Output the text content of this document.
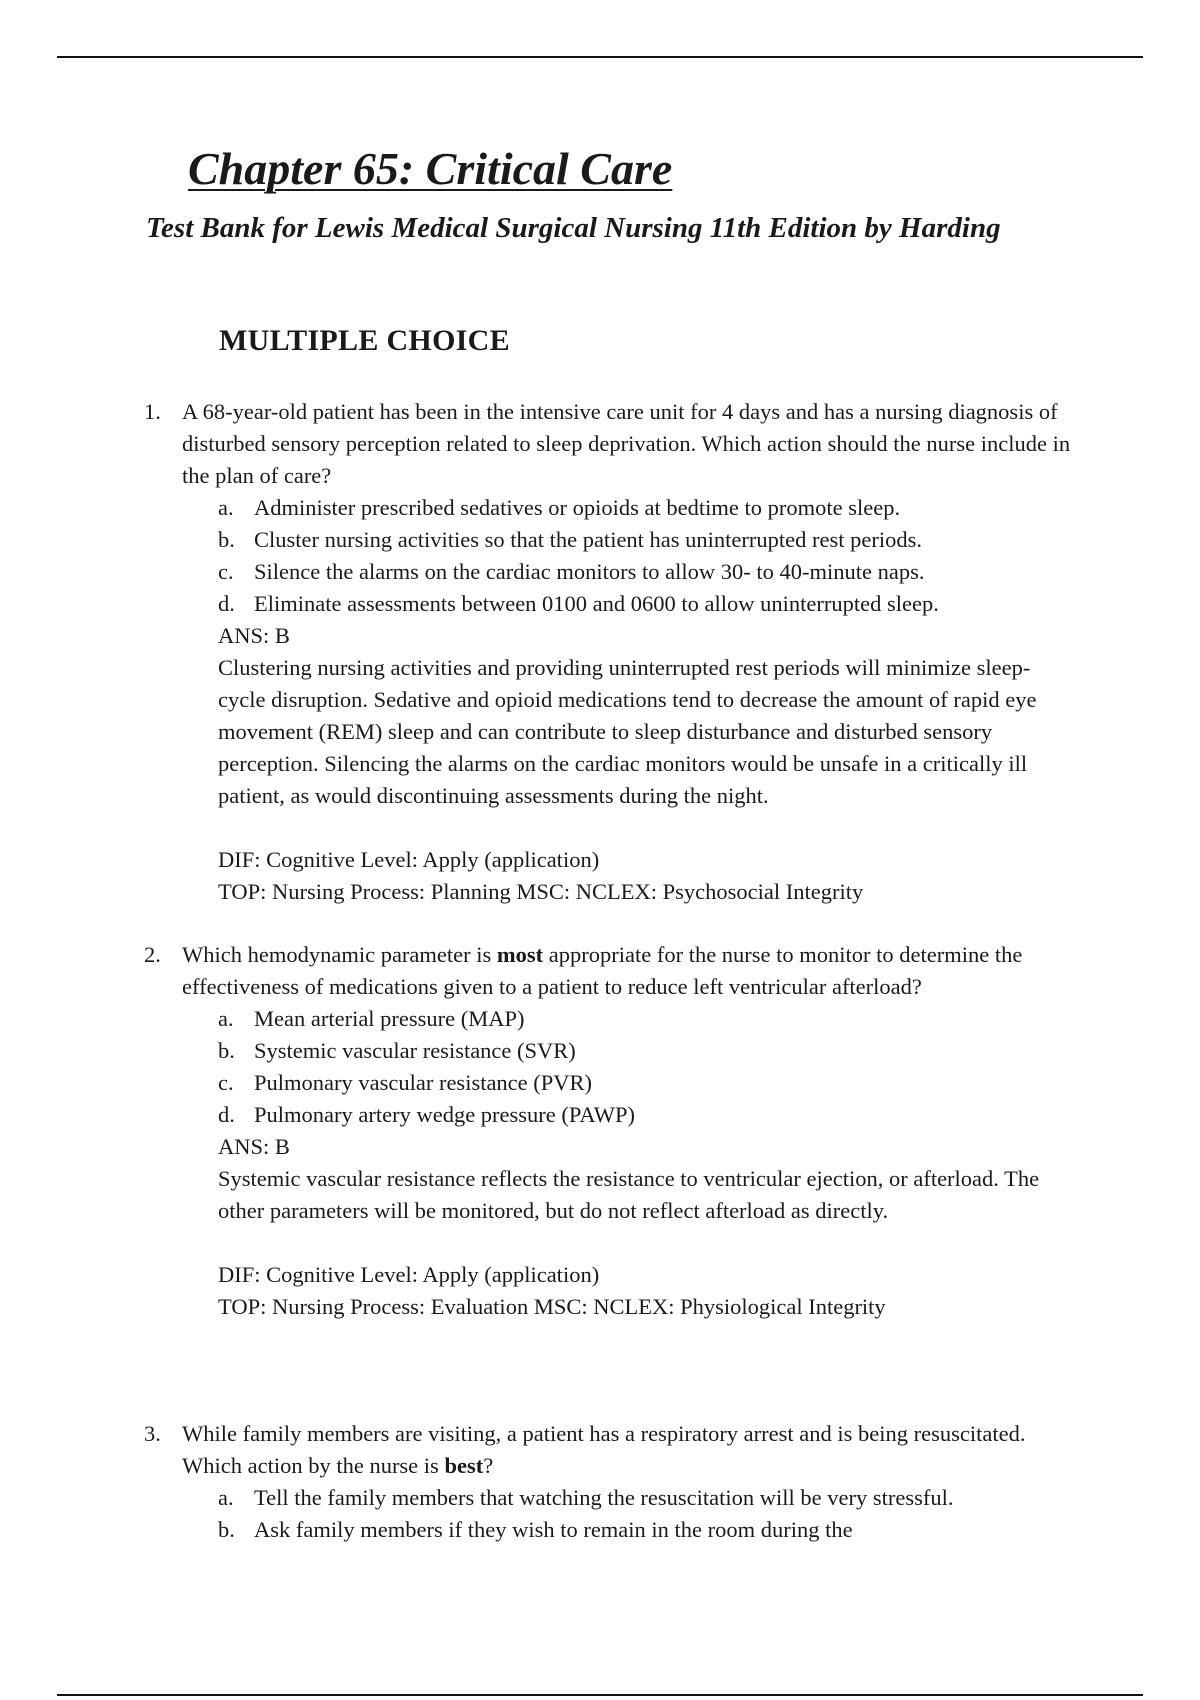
Chapter 65: Critical Care
Test Bank for Lewis Medical Surgical Nursing 11th Edition by Harding
MULTIPLE CHOICE
1. A 68-year-old patient has been in the intensive care unit for 4 days and has a nursing diagnosis of disturbed sensory perception related to sleep deprivation. Which action should the nurse include in the plan of care?
a. Administer prescribed sedatives or opioids at bedtime to promote sleep.
b. Cluster nursing activities so that the patient has uninterrupted rest periods.
c. Silence the alarms on the cardiac monitors to allow 30- to 40-minute naps.
d. Eliminate assessments between 0100 and 0600 to allow uninterrupted sleep.
ANS: B
Clustering nursing activities and providing uninterrupted rest periods will minimize sleep-cycle disruption. Sedative and opioid medications tend to decrease the amount of rapid eye movement (REM) sleep and can contribute to sleep disturbance and disturbed sensory perception. Silencing the alarms on the cardiac monitors would be unsafe in a critically ill patient, as would discontinuing assessments during the night.
DIF: Cognitive Level: Apply (application)
TOP: Nursing Process: Planning MSC: NCLEX: Psychosocial Integrity
2. Which hemodynamic parameter is most appropriate for the nurse to monitor to determine the effectiveness of medications given to a patient to reduce left ventricular afterload?
a. Mean arterial pressure (MAP)
b. Systemic vascular resistance (SVR)
c. Pulmonary vascular resistance (PVR)
d. Pulmonary artery wedge pressure (PAWP)
ANS: B
Systemic vascular resistance reflects the resistance to ventricular ejection, or afterload. The other parameters will be monitored, but do not reflect afterload as directly.
DIF: Cognitive Level: Apply (application)
TOP: Nursing Process: Evaluation MSC: NCLEX: Physiological Integrity
3. While family members are visiting, a patient has a respiratory arrest and is being resuscitated. Which action by the nurse is best?
a. Tell the family members that watching the resuscitation will be very stressful.
b. Ask family members if they wish to remain in the room during the
